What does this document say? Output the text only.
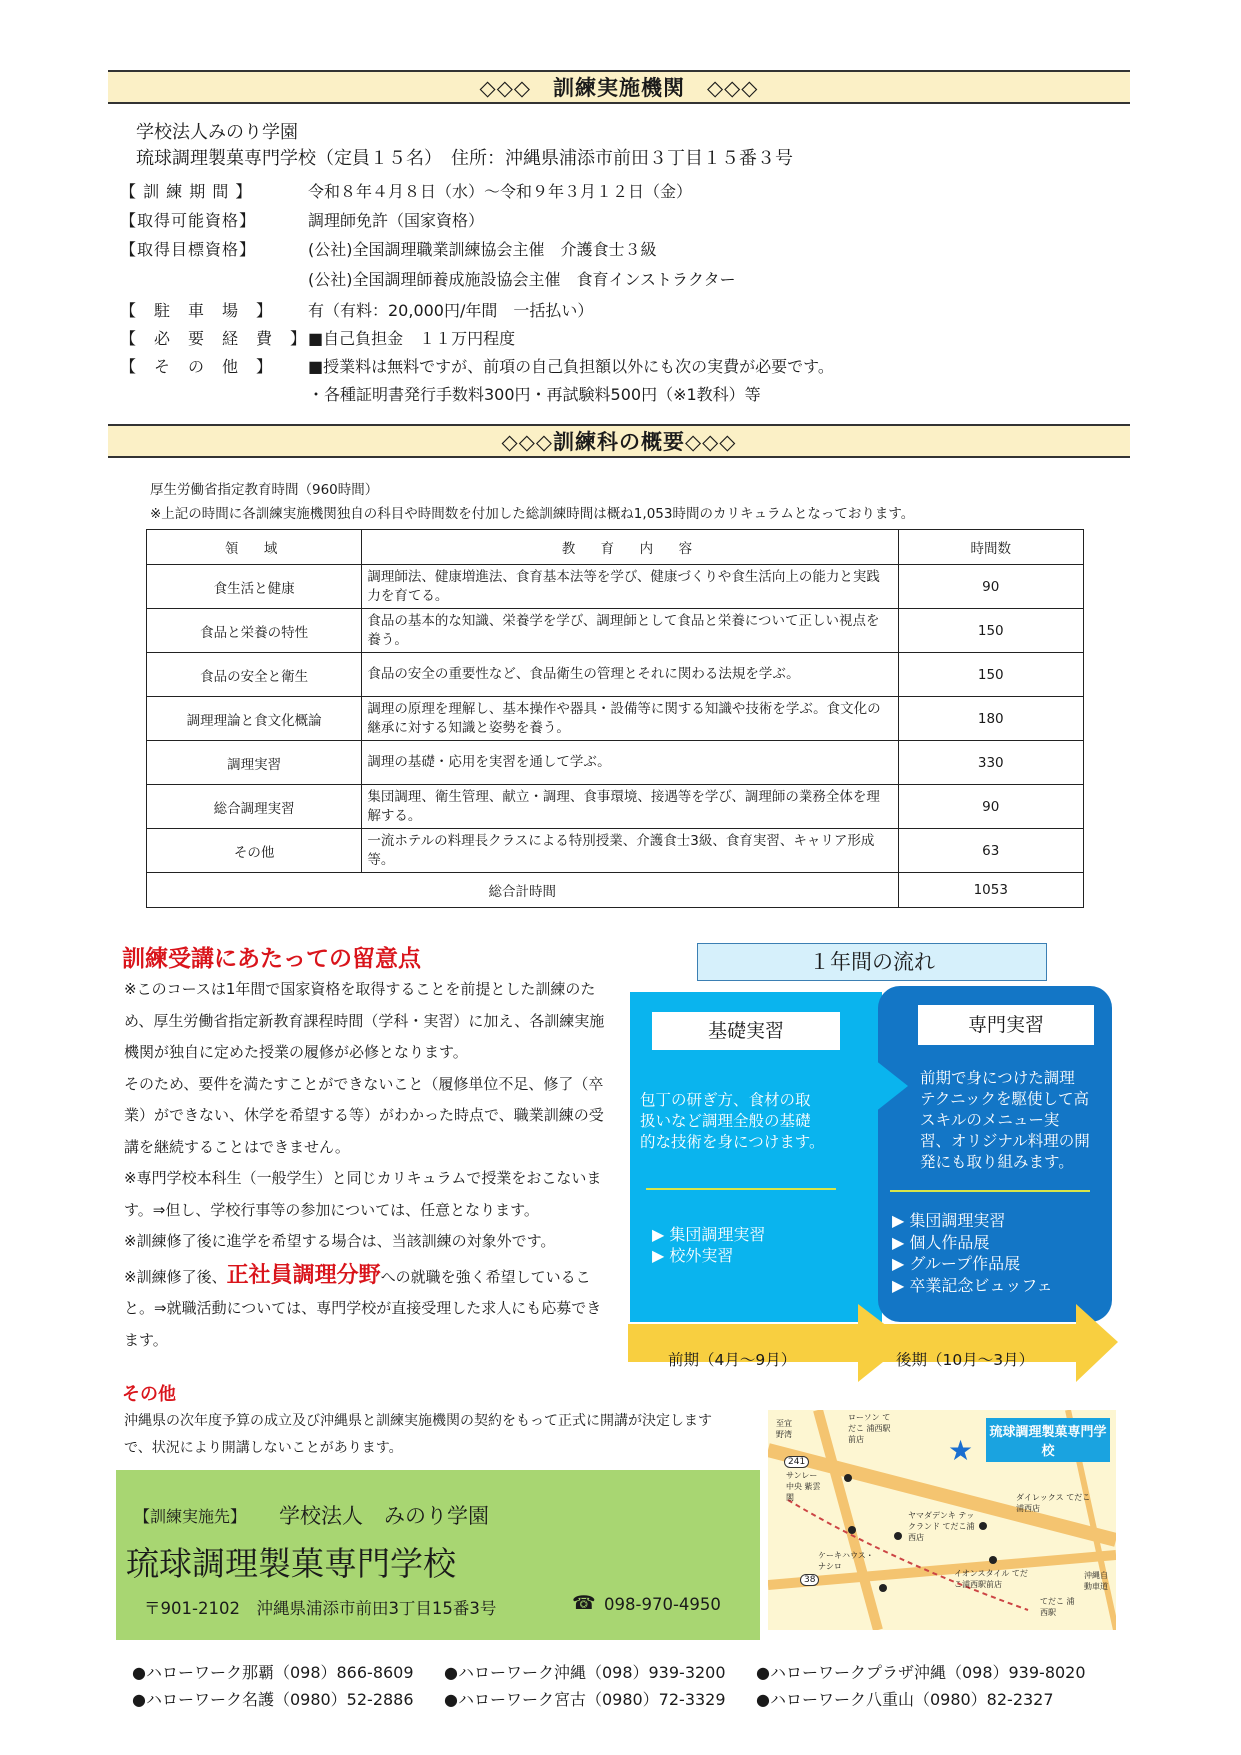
◇◇◇　訓練実施機関　◇◇◇
学校法人みのり学園
琉球調理製菓専門学校（定員１５名）　住所：沖縄県浦添市前田３丁目１５番３号
【 訓 練 期 間 】	令和８年４月８日（水）～令和９年３月１２日（金）
【取得可能資格】	調理師免許（国家資格）
【取得目標資格】	(公社)全国調理職業訓練協会主催　介護食士３級
(公社)全国調理師養成施設協会主催　食育インストラクター
【　駐　車　場　】	有（有料：20,000円/年間　一括払い）
【　必　要　経　費　】 ■自己負担金　１１万円程度
【　そ　の　他　】	■授業料は無料ですが、前項の自己負担額以外にも次の実費が必要です。
・各種証明書発行手数料300円・再試験料500円（※1教科）等
◇◇◇訓練科の概要◇◇◇
厚生労働省指定教育時間（960時間）
※上記の時間に各訓練実施機関独自の科目や時間数を付加した総訓練時間は概ね1,053時間のカリキュラムとなっております。
領　域	教　育　内　容	時間数
食生活と健康	調理師法、健康増進法、食育基本法等を学び、健康づくりや食生活向上の能力と実践力を育てる。	90
食品と栄養の特性	食品の基本的な知識、栄養学を学び、調理師として食品と栄養について正しい視点を養う。	150
食品の安全と衛生	食品の安全の重要性など、食品衛生の管理とそれに関わる法規を学ぶ。	150
調理理論と食文化概論	調理の原理を理解し、基本操作や器具・設備等に関する知識や技術を学ぶ。食文化の継承に対する知識と姿勢を養う。	180
調理実習	調理の基礎・応用を実習を通して学ぶ。	330
総合調理実習	集団調理、衛生管理、献立・調理、食事環境、接遇等を学び、調理師の業務全体を理解する。	90
その他	一流ホテルの料理長クラスによる特別授業、介護食士3級、食育実習、キャリア形成等。	63
総合計時間		1053
訓練受講にあたっての留意点
※このコースは1年間で国家資格を取得することを前提とした訓練のため、厚生労働省指定新教育課程時間（学科・実習）に加え、各訓練実施機関が独自に定めた授業の履修が必修となります。
そのため、要件を満たすことができないこと（履修単位不足、修了（卒業）ができない、休学を希望する等）がわかった時点で、職業訓練の受講を継続することはできません。
※専門学校本科生（一般学生）と同じカリキュラムで授業をおこないます。⇒但し、学校行事等の参加については、任意となります。
※訓練修了後に進学を希望する場合は、当該訓練の対象外です。
※訓練修了後、正社員調理分野への就職を強く希望していること。⇒就職活動については、専門学校が直接受理した求人にも応募できます。
その他
沖縄県の次年度予算の成立及び沖縄県と訓練実施機関の契約をもって正式に開講が決定しますで、状況により開講しないことがあります。
１年間の流れ
基礎実習	専門実習
包丁の研ぎ方、食材の取扱いなど調理全般の基礎的な技術を身につけます。
前期で身につけた調理テクニックを駆使して高スキルのメニュー実習、オリジナル料理の開発にも取り組みます。
▶ 集団調理実習
▶ 校外実習
▶ 集団調理実習
▶ 個人作品展
▶ グループ作品展
▶ 卒業記念ビュッフェ
前期（4月～9月）	後期（10月～3月）
【訓練実施先】 学校法人　みのり学園
琉球調理製菓専門学校
〒901-2102　沖縄県浦添市前田3丁目15番3号	☎ 098-970-4950
★
琉球調理製菓専門学校
ローソン てだこ 浦西駅前店
サンレー 中央 紫雲閣	ダイレックス てだこ浦西店
ヤマダデンキ テックランド てだこ浦西店
ケーキハウス・ナシロ
イオンスタイル てだこ浦西駅前店
てだこ 浦西駅
沖縄自動車道
241
38
至宜野湾
●ハローワーク那覇（098）866-8609 ●ハローワーク沖縄（098）939-3200 ●ハローワークプラザ沖縄（098）939-8020
●ハローワーク名護（0980）52-2886 ●ハローワーク宮古（0980）72-3329 ●ハローワーク八重山（0980）82-2327
